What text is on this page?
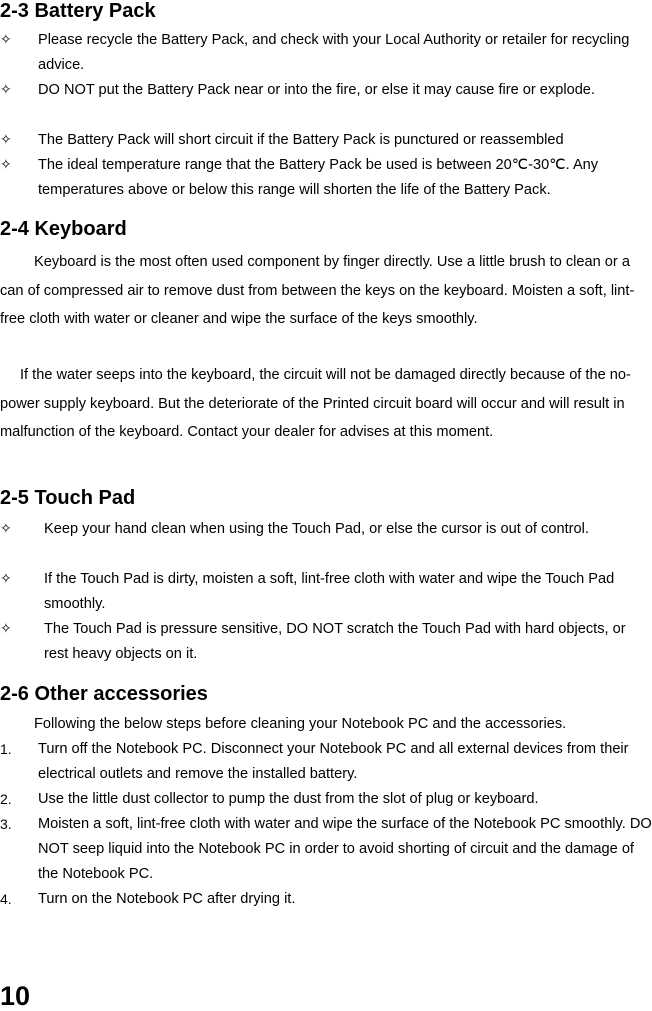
2-3 Battery Pack
✧	Please recycle the Battery Pack, and check with your Local Authority or retailer for recycling advice.
✧	DO NOT put the Battery Pack near or into the fire, or else it may cause fire or explode.
✧	The Battery Pack will short circuit if the Battery Pack is punctured or reassembled
✧	The ideal temperature range that the Battery Pack be used is between 20℃-30℃. Any temperatures above or below this range will shorten the life of the Battery Pack.
2-4 Keyboard
Keyboard is the most often used component by finger directly. Use a little brush to clean or a can of compressed air to remove dust from between the keys on the keyboard. Moisten a soft, lint-free cloth with water or cleaner and wipe the surface of the keys smoothly.
If the water seeps into the keyboard, the circuit will not be damaged directly because of the no-power supply keyboard. But the deteriorate of the Printed circuit board will occur and will result in malfunction of the keyboard. Contact your dealer for advises at this moment.
2-5 Touch Pad
✧	Keep your hand clean when using the Touch Pad, or else the cursor is out of control.
✧	If the Touch Pad is dirty, moisten a soft, lint-free cloth with water and wipe the Touch Pad smoothly.
✧	The Touch Pad is pressure sensitive, DO NOT scratch the Touch Pad with hard objects, or rest heavy objects on it.
2-6 Other accessories
Following the below steps before cleaning your Notebook PC and the accessories.
1.	Turn off the Notebook PC. Disconnect your Notebook PC and all external devices from their electrical outlets and remove the installed battery.
2.	Use the little dust collector to pump the dust from the slot of plug or keyboard.
3.	Moisten a soft, lint-free cloth with water and wipe the surface of the Notebook PC smoothly. DO NOT seep liquid into the Notebook PC in order to avoid shorting of circuit and the damage of the Notebook PC.
4.	Turn on the Notebook PC after drying it.
10
